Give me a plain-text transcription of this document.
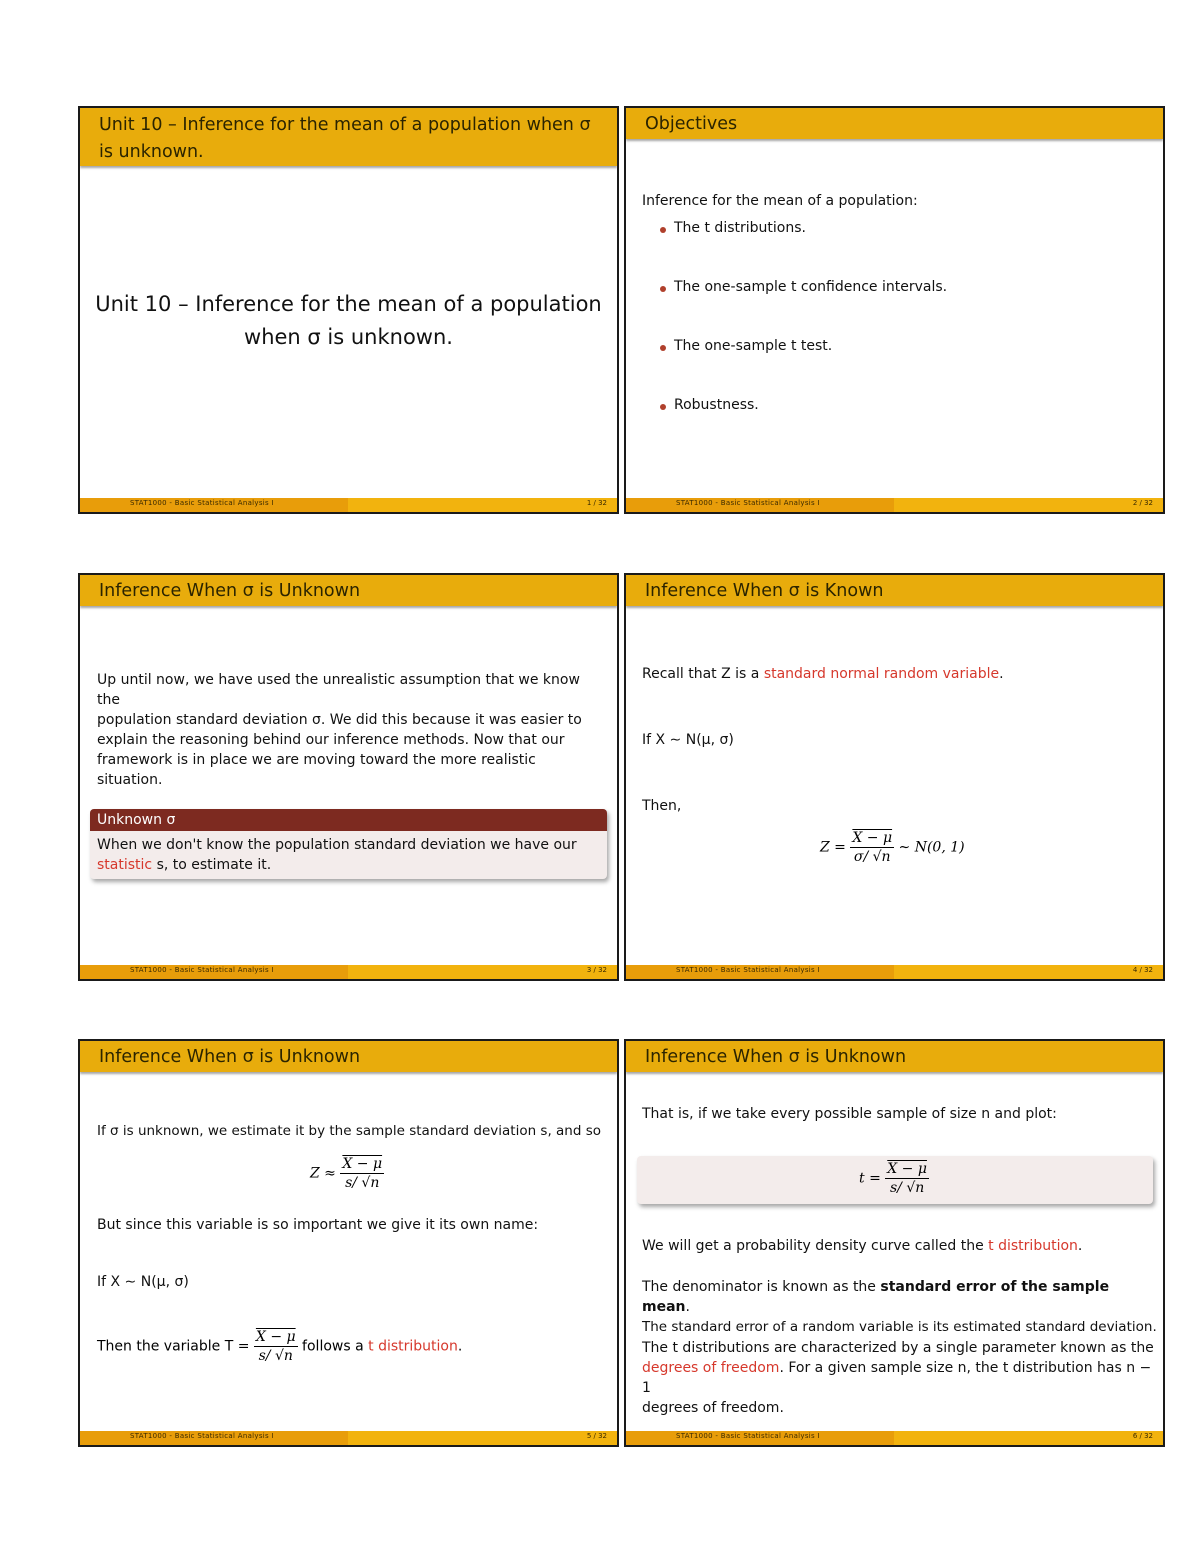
Unit 10 – Inference for the mean of a population when σ is unknown.
Unit 10 – Inference for the mean of a population
when σ is unknown.
STAT1000 - Basic Statistical Analysis I	1 / 32
Objectives
Inference for the mean of a population:
The t distributions.
The one-sample t confidence intervals.
The one-sample t test.
Robustness.
STAT1000 - Basic Statistical Analysis I	2 / 32
Inference When σ is Unknown
Up until now, we have used the unrealistic assumption that we know the
population standard deviation σ. We did this because it was easier to
explain the reasoning behind our inference methods. Now that our
framework is in place we are moving toward the more realistic situation.
Unknown σ
When we don't know the population standard deviation we have our
statistic s, to estimate it.
STAT1000 - Basic Statistical Analysis I	3 / 32
Inference When σ is Known
Recall that Z is a standard normal random variable.
If X ∼ N(μ, σ)
Then,
$Z = \frac{X - \mu}{\sigma/ √n}$ ∼ N(0, 1)
STAT1000 - Basic Statistical Analysis I	4 / 32
Inference When σ is Unknown
If σ is unknown, we estimate it by the sample standard deviation s, and so
$Z \approx \frac{X - \mu}{s/ √n}$
But since this variable is so important we give it its own name:
If X ∼ N(μ, σ)
Then the variable $T = \frac{X - \mu}{s/ √n}$ follows a t distribution.
STAT1000 - Basic Statistical Analysis I	5 / 32
Inference When σ is Unknown
That is, if we take every possible sample of size n and plot:
$t = \frac{X - \mu}{s/ √n}$
We will get a probability density curve called the t distribution.
The denominator is known as the standard error of the sample mean.
The standard error of a random variable is its estimated standard deviation.
The t distributions are characterized by a single parameter known as the
degrees of freedom. For a given sample size n, the t distribution has n − 1
degrees of freedom.
STAT1000 - Basic Statistical Analysis I	6 / 32
